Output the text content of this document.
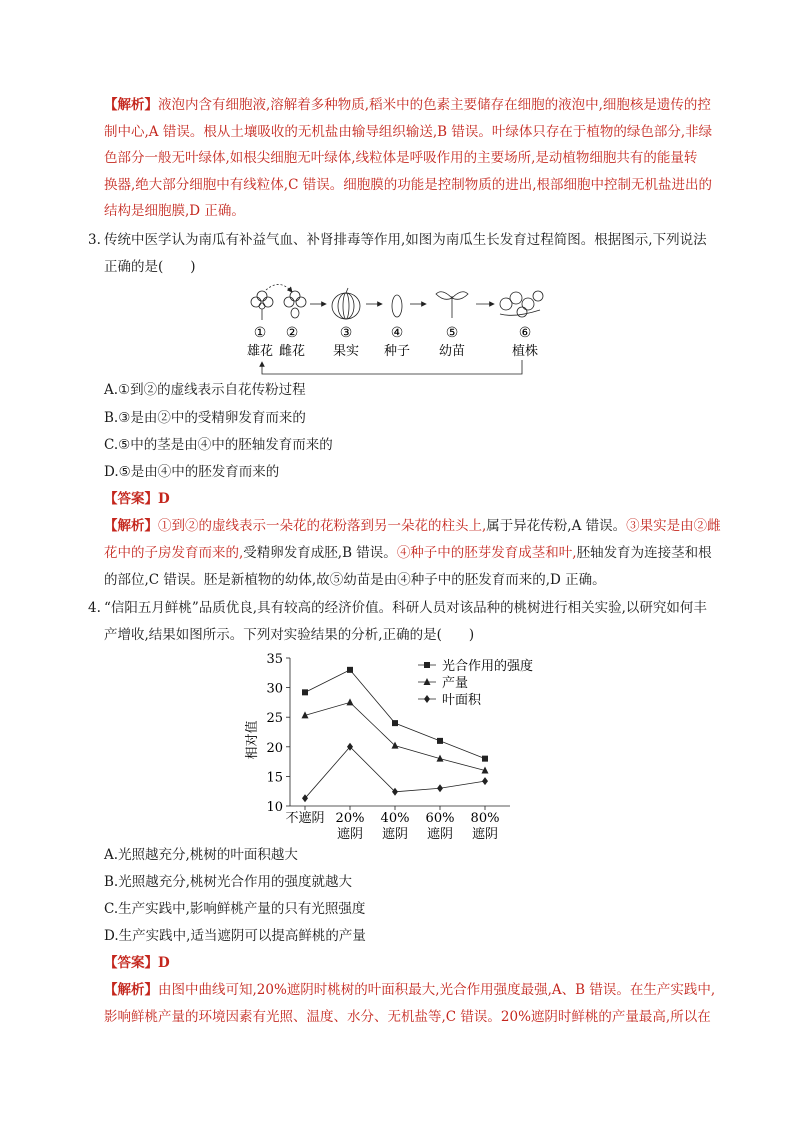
【解析】液泡内含有细胞液,溶解着多种物质,稻米中的色素主要储存在细胞的液泡中,细胞核是遗传的控
制中心,A 错误。根从土壤吸收的无机盐由输导组织输送,B 错误。叶绿体只存在于植物的绿色部分,非绿
色部分一般无叶绿体,如根尖细胞无叶绿体,线粒体是呼吸作用的主要场所,是动植物细胞共有的能量转
换器,绝大部分细胞中有线粒体,C 错误。细胞膜的功能是控制物质的进出,根部细胞中控制无机盐进出的
结构是细胞膜,D 正确。
3. 传统中医学认为南瓜有补益气血、补肾排毒等作用,如图为南瓜生长发育过程简图。根据图示,下列说法
正确的是(　　)
① ②	③	④	⑤	⑥
雄花 雌花 果实 种子 幼苗	植株
A.①到②的虚线表示自花传粉过程
B.③是由②中的受精卵发育而来的
C.⑤中的茎是由④中的胚轴发育而来的
D.⑤是由④中的胚发育而来的
【答案】D
【解析】①到②的虚线表示一朵花的花粉落到另一朵花的柱头上,属于异花传粉,A 错误。③果实是由②雌
花中的子房发育而来的,受精卵发育成胚,B 错误。④种子中的胚芽发育成茎和叶,胚轴发育为连接茎和根
的部位,C 错误。胚是新植物的幼体,故⑤幼苗是由④种子中的胚发育而来的,D 正确。
4. “信阳五月鲜桃”品质优良,具有较高的经济价值。科研人员对该品种的桃树进行相关实验,以研究如何丰
产增收,结果如图所示。下列对实验结果的分析,正确的是(　　)
相对值
10
15
20
25
30
35
不遮阴 20%
遮阴
40%
遮阴
60%
遮阴
80%
遮阴
光合作用的强度
产量
叶面积
A.光照越充分,桃树的叶面积越大
B.光照越充分,桃树光合作用的强度就越大
C.生产实践中,影响鲜桃产量的只有光照强度
D.生产实践中,适当遮阴可以提高鲜桃的产量
【答案】D
【解析】由图中曲线可知,20%遮阴时桃树的叶面积最大,光合作用强度最强,A、B 错误。在生产实践中,
影响鲜桃产量的环境因素有光照、温度、水分、无机盐等,C 错误。20%遮阴时鲜桃的产量最高,所以在
